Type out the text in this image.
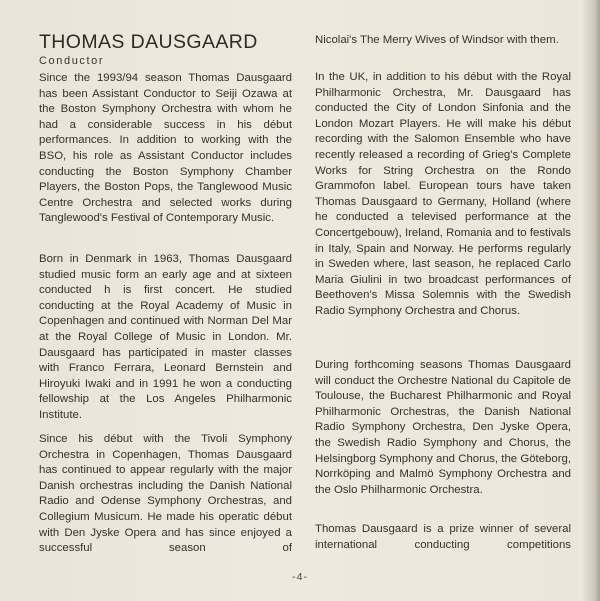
THOMAS DAUSGAARD
Conductor

Since the 1993/94 season Thomas Dausgaard has been Assistant Conductor to Seiji Ozawa at the Boston Symphony Orchestra with whom he had a considerable success in his début performances. In addition to working with the BSO, his role as Assistant Conductor includes conducting the Boston Symphony Chamber Players, the Boston Pops, the Tanglewood Music Centre Orchestra and selected works during Tanglewood's Festival of Contemporary Music.

Born in Denmark in 1963, Thomas Dausgaard studied music form an early age and at sixteen conducted h is first concert. He studied conducting at the Royal Academy of Music in Copenhagen and continued with Norman Del Mar at the Royal College of Music in London. Mr. Dausgaard has participated in master classes with Franco Ferrara, Leonard Bernstein and Hiroyuki Iwaki and in 1991 he won a conducting fellowship at the Los Angeles Philharmonic Institute.

Since his début with the Tivoli Symphony Orchestra in Copenhagen, Thomas Dausgaard has continued to appear regularly with the major Danish orchestras including the Danish National Radio and Odense Symphony Orchestras, and Collegium Musicum. He made his operatic début with Den Jyske Opera and has since enjoyed a successful season of

Nicolai's The Merry Wives of Windsor with them.

In the UK, in addition to his début with the Royal Philharmonic Orchestra, Mr. Dausgaard has conducted the City of London Sinfonia and the London Mozart Players. He will make his début recording with the Salomon Ensemble who have recently released a recording of Grieg's Complete Works for String Orchestra on the Rondo Grammofon label. European tours have taken Thomas Dausgaard to Germany, Holland (where he conducted a televised performance at the Concertgebouw), Ireland, Romania and to festivals in Italy, Spain and Norway. He performs regularly in Sweden where, last season, he replaced Carlo Maria Giulini in two broadcast performances of Beethoven's Missa Solemnis with the Swedish Radio Symphony Orchestra and Chorus.

During forthcoming seasons Thomas Dausgaard will conduct the Orchestre National du Capitole de Toulouse, the Bucharest Philharmonic and Royal Philharmonic Orchestras, the Danish National Radio Symphony Orchestra, Den Jyske Opera, the Swedish Radio Symphony and Chorus, the Helsingborg Symphony and Chorus, the Göteborg, Norrköping and Malmö Symphony Orchestra and the Oslo Philharmonic Orchestra.

Thomas Dausgaard is a prize winner of several international conducting competitions

-4-
